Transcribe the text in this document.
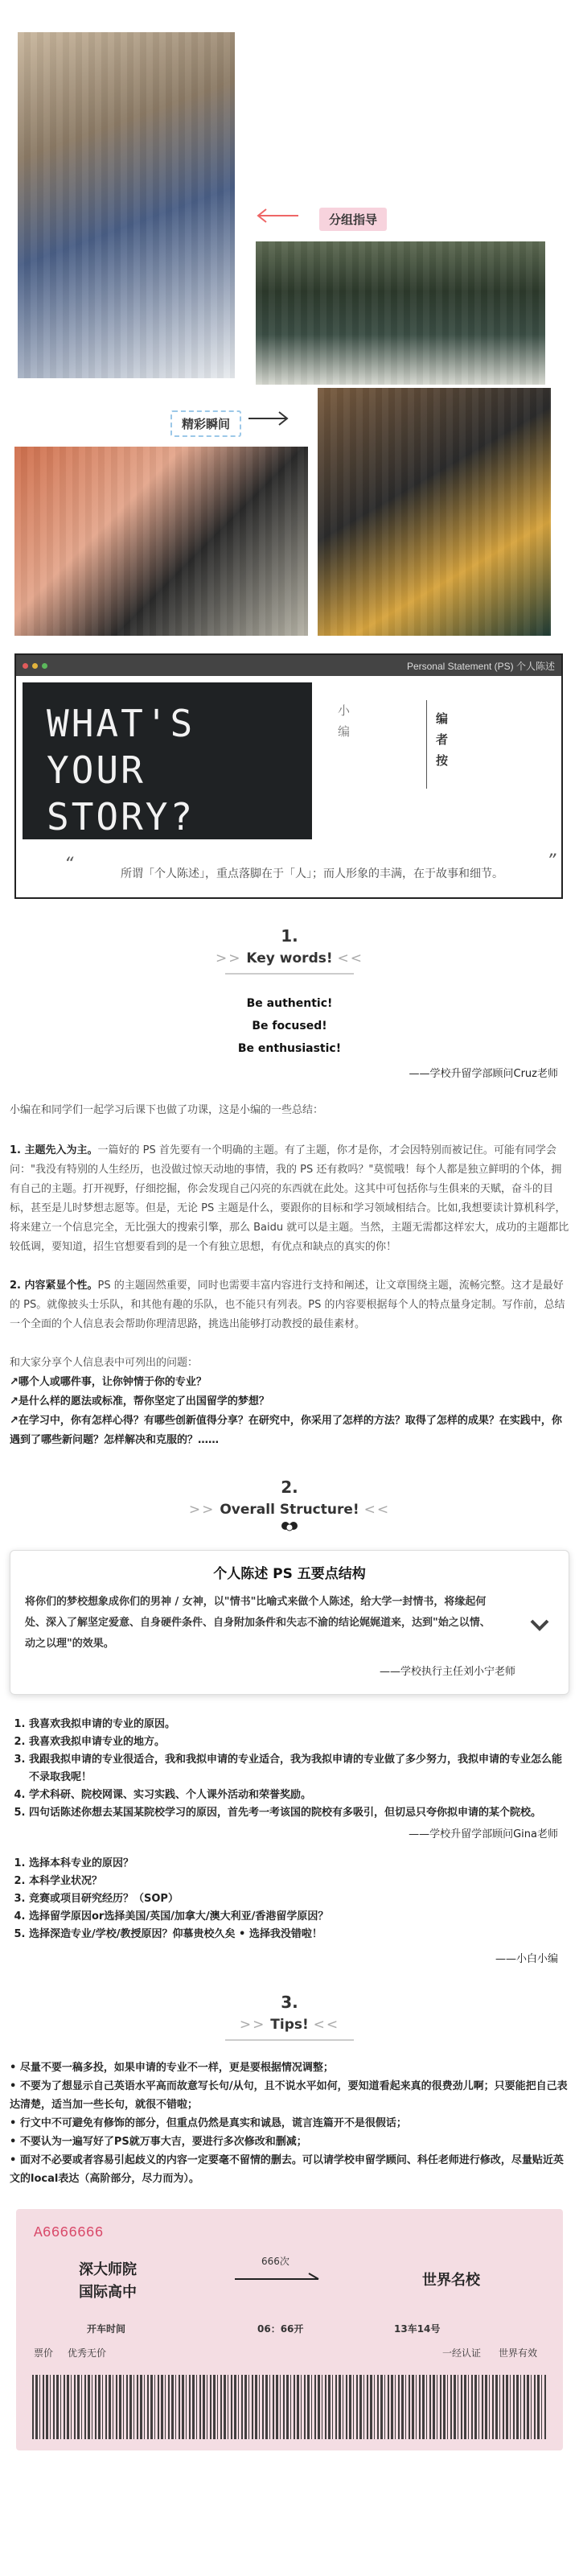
分组指导
精彩瞬间
Personal Statement (PS) 个人陈述
WHAT'S
YOUR
STORY?
小编
编者按
“	所谓「个人陈述」，重点落脚在于「人」；而人形象的丰满，在于故事和细节。
”
1.
>> Key words! <<
Be authentic!
Be focused!
Be enthusiastic!
——学校升留学部顾问Cruz老师

小编在和同学们一起学习后课下也做了功课，这是小编的一些总结：

1. 主题先入为主。一篇好的 PS 首先要有一个明确的主题。有了主题，你才是你，才会因特别而被记住。可能有同学会问："我没有特别的人生经历，也没做过惊天动地的事情，我的 PS 还有救吗？"莫慌哦！每个人都是独立鲜明的个体，拥有自己的主题。打开视野，仔细挖掘，你会发现自己闪亮的东西就在此处。这其中可包括你与生俱来的天赋，奋斗的目标，甚至是儿时梦想志愿等。但是，无论 PS 主题是什么，要跟你的目标和学习领域相结合。比如,我想要读计算机科学，将来建立一个信息完全，无比强大的搜索引擎，那么 Baidu 就可以是主题。当然，主题无需都这样宏大，成功的主题都比较低调，要知道，招生官想要看到的是一个有独立思想，有优点和缺点的真实的你！

2. 内容紧显个性。PS 的主题固然重要，同时也需要丰富内容进行支持和阐述，让文章围绕主题，流畅完整。这才是最好的 PS。就像披头士乐队，和其他有趣的乐队，也不能只有列表。PS 的内容要根据每个人的特点量身定制。写作前，总结一个全面的个人信息表会帮助你理清思路，挑选出能够打动教授的最佳素材。

和大家分享个人信息表中可列出的问题：

↗哪个人或哪件事，让你钟情于你的专业？

↗是什么样的愿法或标准，帮你坚定了出国留学的梦想？

↗在学习中，你有怎样心得？有哪些创新值得分享？在研究中，你采用了怎样的方法？取得了怎样的成果？在实践中，你遇到了哪些新问题？怎样解决和克服的？……

2.
>> Overall Structure! <<
个人陈述 PS 五要点结构
将你们的梦校想象成你们的男神 / 女神，以"情书"比喻式来做个人陈述，给大学一封情书，将缘起何处、深入了解坚定爱意、自身硬件条件、自身附加条件和失志不渝的结论娓娓道来，达到"始之以情、动之以理"的效果。
——学校执行主任刘小宁老师
1. 我喜欢我拟申请的专业的原因。
2. 我喜欢我拟申请专业的地方。
3. 我跟我拟申请的专业很适合，我和我拟申请的专业适合，我为我拟申请的专业做了多少努力，我拟申请的专业怎么能不录取我呢！
4. 学术科研、院校网课、实习实践、个人课外活动和荣誉奖励。
5. 四句话陈述你想去某国某院校学习的原因，首先考一考该国的院校有多吸引，但切忌只夸你拟申请的某个院校。
——学校升留学部顾问Gina老师
1. 选择本科专业的原因？
2. 本科学业状况？
3. 竞赛或项目研究经历？（SOP）
4. 选择留学原因or选择美国/英国/加拿大/澳大利亚/香港留学原因？
5. 选择深造专业/学校/教授原因？仰慕贵校久矣 • 选择我没错啦！
——小白小编
3.
>> Tips! <<
• 尽量不要一稿多投，如果申请的专业不一样，更是要根据情况调整；
• 不要为了想显示自己英语水平高而故意写长句/从句，且不说水平如何，要知道看起来真的很费劲儿啊；只要能把自己表达清楚，适当加一些长句，就很不错啦；
• 行文中不可避免有修饰的部分，但重点仍然是真实和诚恳，谎言连篇开不是很假话；
• 不要认为一遍写好了PS就万事大吉，要进行多次修改和删减；
• 面对不必要或者容易引起歧义的内容一定要毫不留情的删去。可以请学校申留学顾问、科任老师进行修改，尽量贴近英文的local表达（高阶部分，尽力而为）。
A6666666
深大师院
国际高中
666次
世界名校
开车时间	06：66开	13车14号
票价 优秀无价	一经认证 世界有效
